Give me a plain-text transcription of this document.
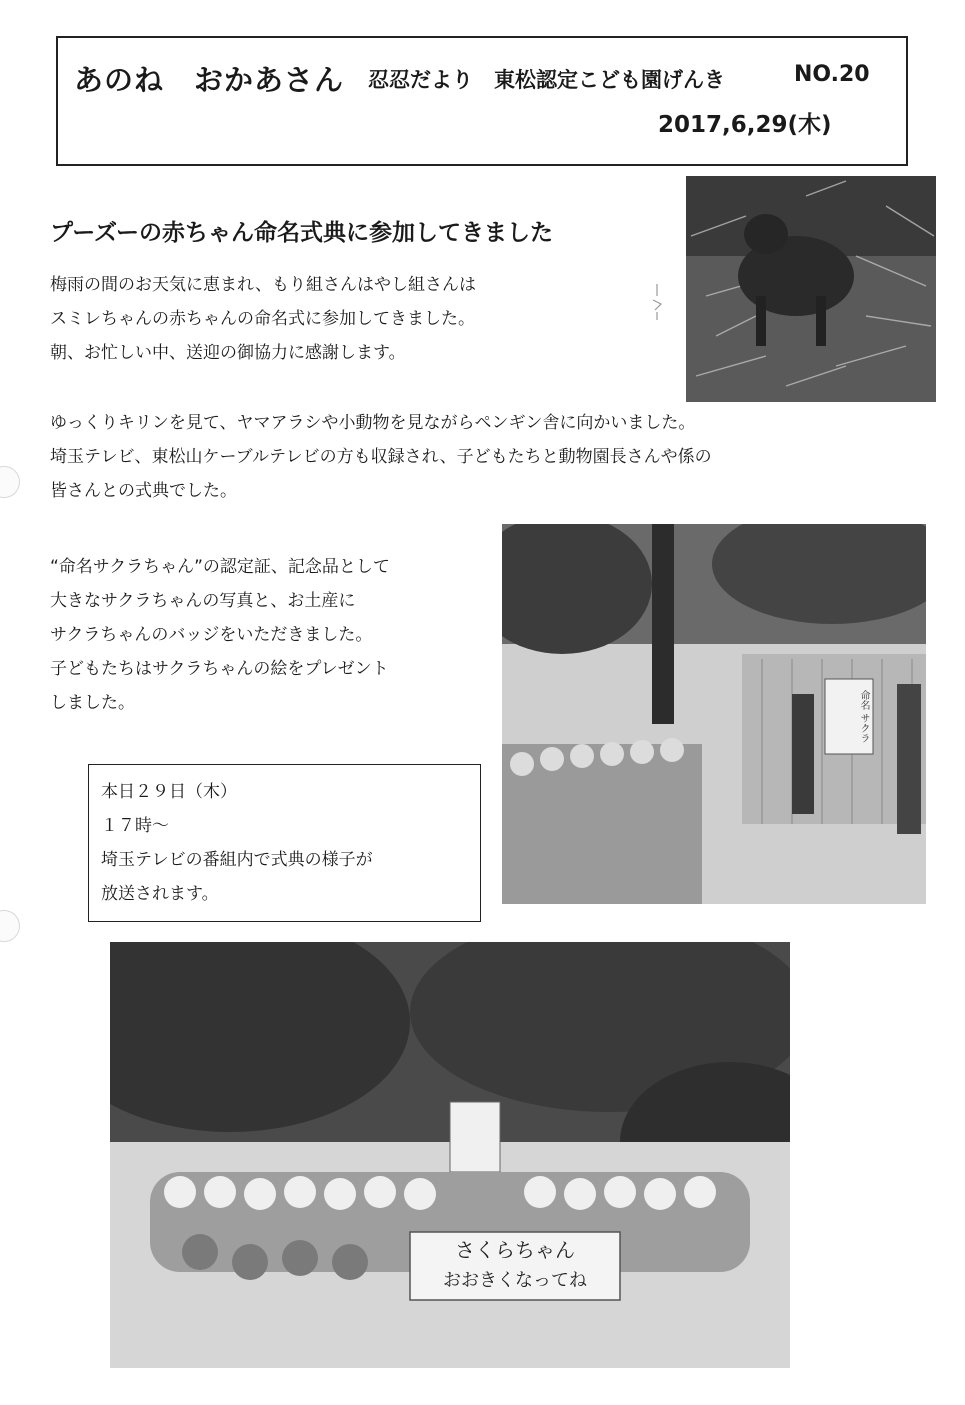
あのね　おかあさん 忍忍だより　東松認定こども園げんき	NO.20
2017,6,29(木)
プーズーの赤ちゃん命名式典に参加してきました
梅雨の間のお天気に恵まれ、もり組さんはやし組さんは
スミレちゃんの赤ちゃんの命名式に参加してきました。
朝、お忙しい中、送迎の御協力に感謝します。
ゆっくりキリンを見て、ヤマアラシや小動物を見ながらペンギン舎に向かいました。
埼玉テレビ、東松山ケーブルテレビの方も収録され、子どもたちと動物園長さんや係の
皆さんとの式典でした。
“命名サクラちゃん”の認定証、記念品として
大きなサクラちゃんの写真と、お土産に
サクラちゃんのバッジをいただきました。
子どもたちはサクラちゃんの絵をプレゼント
しました。
本日２９日（木）
１７時～
埼玉テレビの番組内で式典の様子が
放送されます。
命名 サクラ
さくらちゃん
おおきくなってね
